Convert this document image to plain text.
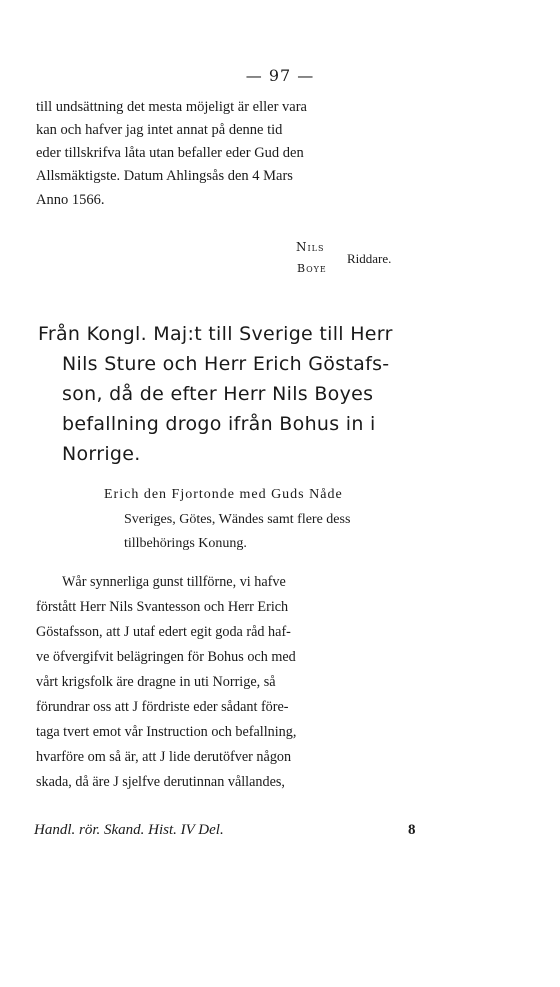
— 97 —
till undsättning det mesta möjeligt är eller vara
kan och hafver jag intet annat på denne tid
eder tillskrifva låta utan befaller eder Gud den
Allsmäktigste. Datum Ahlingsås den 4 Mars
Anno 1566.
Nils
Boye
Riddare.
Från Kongl. Maj:t till Sverige till Herr
Nils Sture och Herr Erich Göstafs-
son, då de efter Herr Nils Boyes
befallning drogo ifrån Bohus in i
Norrige.
Erich den Fjortonde med Guds Nåde
Sveriges, Götes, Wändes samt flere dess
tillbehörings Konung.
Wår synnerliga gunst tillförne, vi hafve
förstått Herr Nils Svantesson och Herr Erich
Göstafsson, att J utaf edert egit goda råd haf-
ve öfvergifvit belägringen för Bohus och med
vårt krigsfolk äre dragne in uti Norrige, så
förundrar oss att J fördriste eder sådant före-
taga tvert emot vår Instruction och befallning,
hvarföre om så är, att J lide derutöfver någon
skada, då äre J sjelfve derutinnan vållandes,
Handl. rör. Skand. Hist. IV Del.	8
